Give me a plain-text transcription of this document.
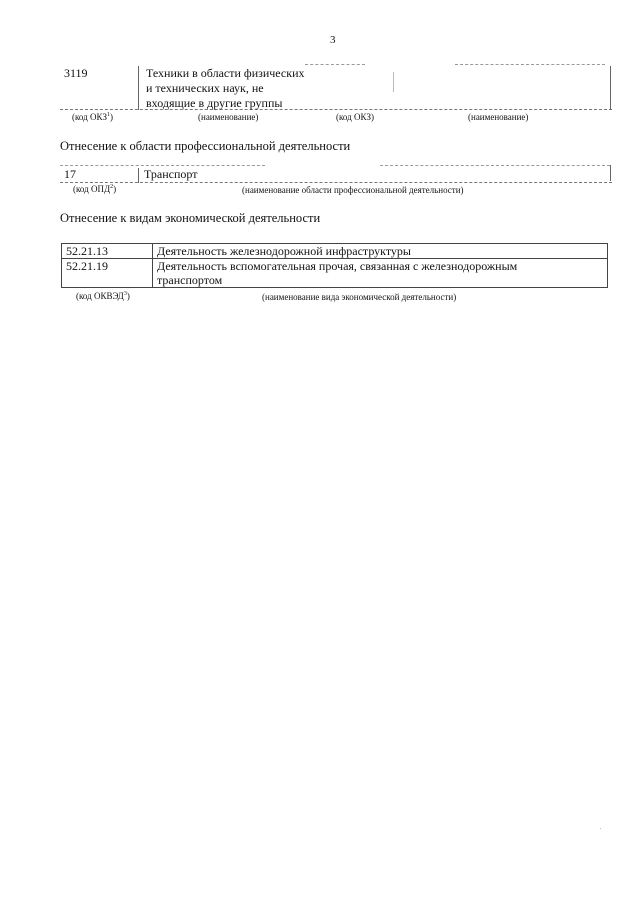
3
3119	Техники в области физических
и технических наук, не
входящие в другие группы
(код ОКЗ$^1$)	(наименование)	(код ОКЗ)	(наименование)
Отнесение к области профессиональной деятельности
17	Транспорт
(код ОПД$^2$)	(наименование области профессиональной деятельности)
Отнесение к видам экономической деятельности
52.21.13	Деятельность железнодорожной инфраструктуры

52.21.19	Деятельность вспомогательная прочая, связанная с железнодорожным
транспортом
(код ОКВЭД$^3$)	(наименование вида экономической деятельности)
